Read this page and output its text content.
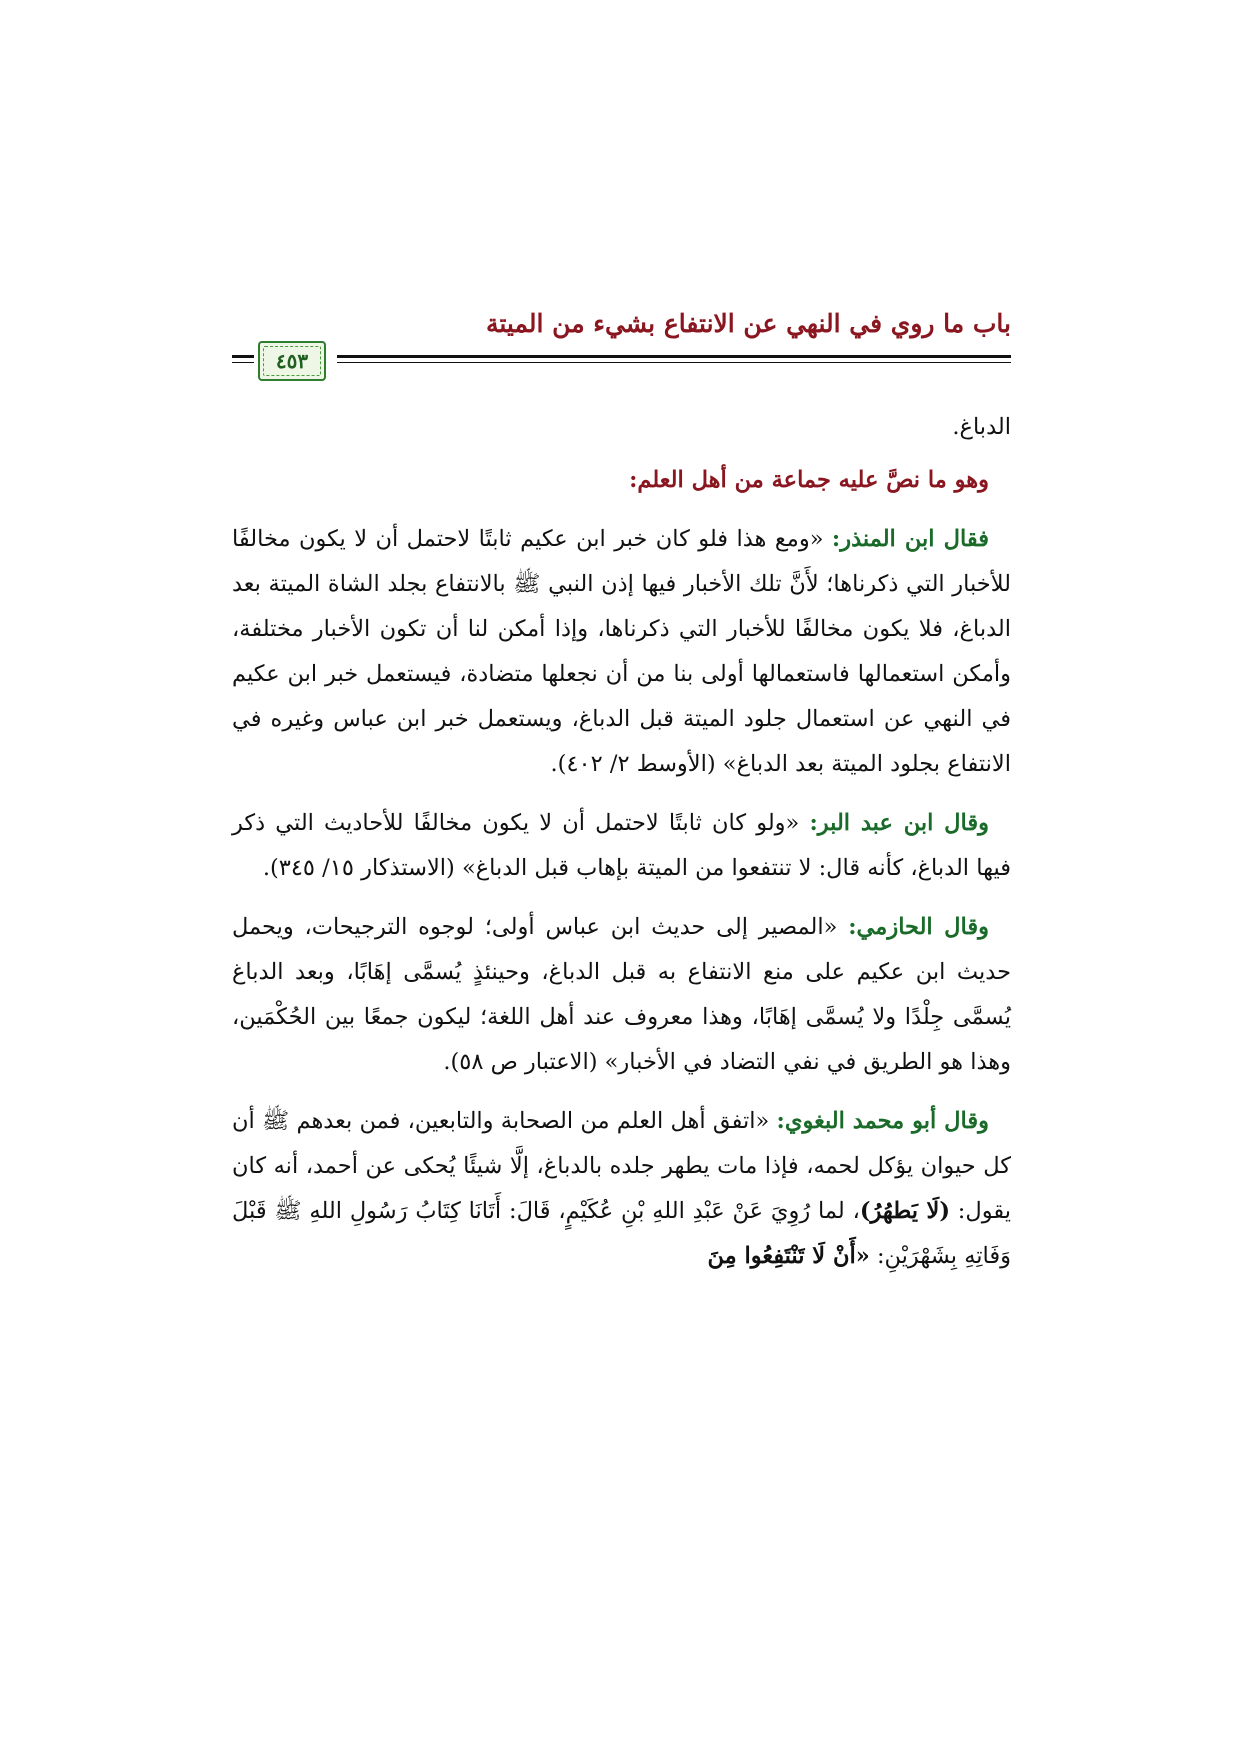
باب ما روي في النهي عن الانتفاع بشيء من الميتة
٤٥٣

الدباغ.

وهو ما نصَّ عليه جماعة من أهل العلم:

فقال ابن المنذر: «ومع هذا فلو كان خبر ابن عكيم ثابتًا لاحتمل أن لا يكون مخالفًا للأخبار التي ذكرناها؛ لأَنَّ تلك الأخبار فيها إذن النبي ﷺ بالانتفاع بجلد الشاة الميتة بعد الدباغ، فلا يكون مخالفًا للأخبار التي ذكرناها، وإذا أمكن لنا أن تكون الأخبار مختلفة، وأمكن استعمالها فاستعمالها أولى بنا من أن نجعلها متضادة، فيستعمل خبر ابن عكيم في النهي عن استعمال جلود الميتة قبل الدباغ، ويستعمل خبر ابن عباس وغيره في الانتفاع بجلود الميتة بعد الدباغ» (الأوسط ٢/ ٤٠٢).

وقال ابن عبد البر: «ولو كان ثابتًا لاحتمل أن لا يكون مخالفًا للأحاديث التي ذكر فيها الدباغ، كأنه قال: لا تنتفعوا من الميتة بإهاب قبل الدباغ» (الاستذكار ١٥/ ٣٤٥).

وقال الحازمي: «المصير إلى حديث ابن عباس أولى؛ لوجوه الترجيحات، ويحمل حديث ابن عكيم على منع الانتفاع به قبل الدباغ، وحينئذٍ يُسمَّى إهَابًا، وبعد الدباغ يُسمَّى جِلْدًا ولا يُسمَّى إهَابًا، وهذا معروف عند أهل اللغة؛ ليكون جمعًا بين الحُكْمَين، وهذا هو الطريق في نفي التضاد في الأخبار» (الاعتبار ص ٥٨).

وقال أبو محمد البغوي: «اتفق أهل العلم من الصحابة والتابعين، فمن بعدهم ﷺ أن كل حيوان يؤكل لحمه، فإذا مات يطهر جلده بالدباغ، إلَّا شيئًا يُحكى عن أحمد، أنه كان يقول: (لَا يَطهُرُ)، لما رُوِيَ عَنْ عَبْدِ اللهِ بْنِ عُكَيْمٍ، قَالَ: أَتَانَا كِتَابُ رَسُولِ اللهِ ﷺ قَبْلَ وَفَاتِهِ بِشَهْرَيْنِ: «أَنْ لَا تَنْتَفِعُوا مِنَ
